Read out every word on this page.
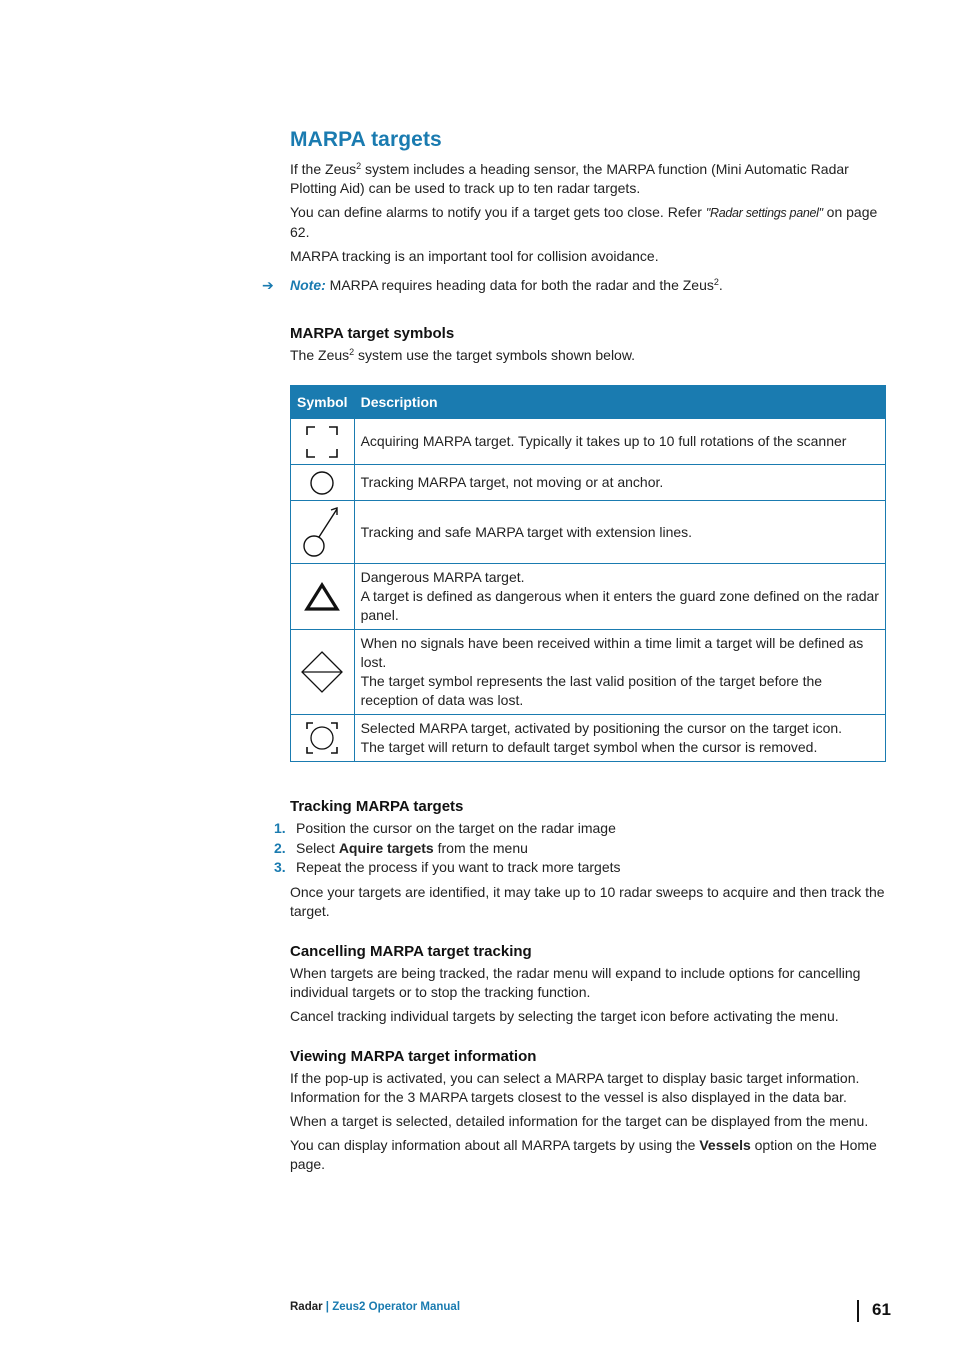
MARPA targets

If the Zeus$^2$ system includes a heading sensor, the MARPA function (Mini Automatic Radar Plotting Aid) can be used to track up to ten radar targets.

You can define alarms to notify you if a target gets too close. Refer "Radar settings panel" on page 62.

MARPA tracking is an important tool for collision avoidance.

➔ Note: MARPA requires heading data for both the radar and the Zeus$^2$.

MARPA target symbols

The Zeus$^2$ system use the target symbols shown below.

Symbol	Description

	Acquiring MARPA target. Typically it takes up to 10 full rotations of the scanner

	Tracking MARPA target, not moving or at anchor.

	Tracking and safe MARPA target with extension lines.

	Dangerous MARPA target.
A target is defined as dangerous when it enters the guard zone defined on the radar panel.

	When no signals have been received within a time limit a target will be defined as lost.
The target symbol represents the last valid position of the target before the reception of data was lost.

	Selected MARPA target, activated by positioning the cursor on the target icon.
The target will return to default target symbol when the cursor is removed.
Tracking MARPA targets
1. Position the cursor on the target on the radar image
2. Select Aquire targets from the menu
3. Repeat the process if you want to track more targets

Once your targets are identified, it may take up to 10 radar sweeps to acquire and then track the target.

Cancelling MARPA target tracking

When targets are being tracked, the radar menu will expand to include options for cancelling individual targets or to stop the tracking function.

Cancel tracking individual targets by selecting the target icon before activating the menu.

Viewing MARPA target information

If the pop-up is activated, you can select a MARPA target to display basic target information. Information for the 3 MARPA targets closest to the vessel is also displayed in the data bar.

When a target is selected, detailed information for the target can be displayed from the menu.

You can display information about all MARPA targets by using the Vessels option on the Home page.

Radar | Zeus2 Operator Manual	61
